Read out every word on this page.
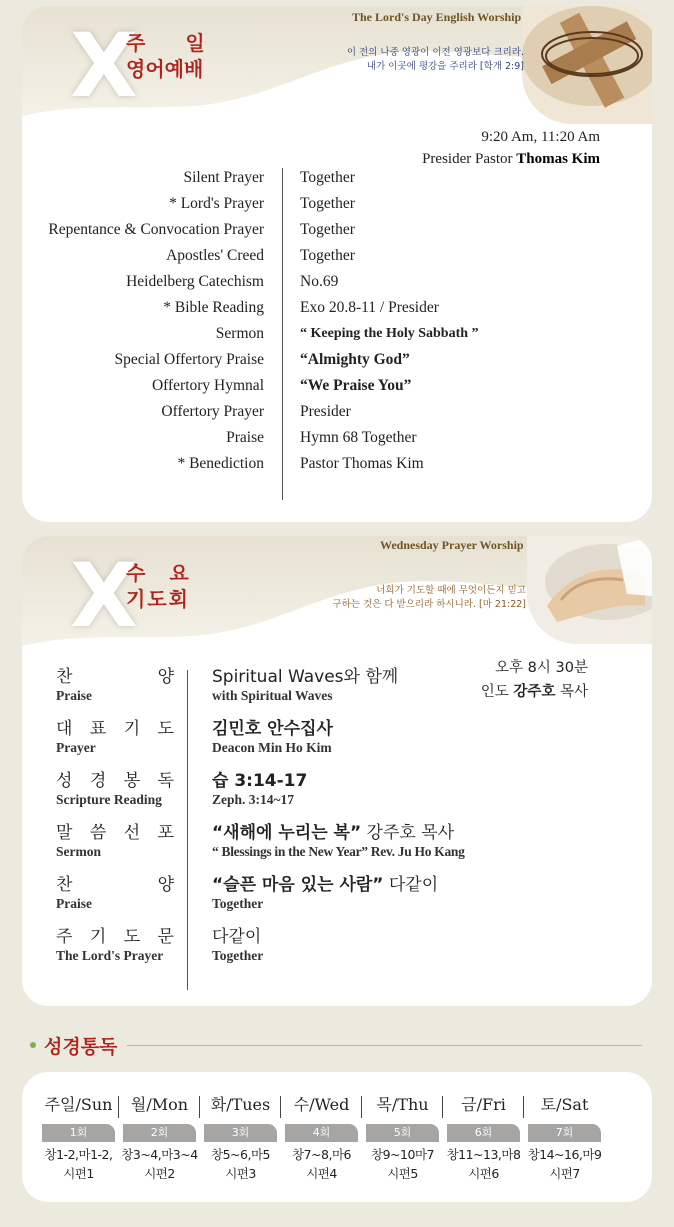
X
주　　일
영어예배
The Lord's Day English Worship
이 전의 나중 영광이 이전 영광보다 크리라.
내가 이곳에 평강을 주리라 [학개 2:9]
9:20 Am, 11:20 Am
Presider Pastor Thomas Kim
Silent Prayer
* Lord's Prayer
Repentance & Convocation Prayer
Apostles' Creed
Heidelberg Catechism
* Bible Reading
Sermon
Special Offertory Praise
Offertory Hymnal
Offertory Prayer
Praise
* Benediction
Together
Together
Together
Together
No.69
Exo 20.8-11 / Presider
“ Keeping the Holy Sabbath ”
“Almighty God”
“We Praise You”
Presider
Hymn 68 Together
Pastor Thomas Kim
X
수　요
기도회
Wednesday Prayer Worship
너희가 기도할 때에 무엇이든지 믿고
구하는 것은 다 받으리라 하시니라. [마 21:22]
오후 8시 30분
인도 강주호 목사
찬	양
Praise
대 표 기 도
Prayer
성 경 봉 독
Scripture Reading
말 씀 선 포
Sermon
찬	양
Praise
주 기 도 문
The Lord's Prayer
Spiritual Waves와 함께
with Spiritual Waves
김민호 안수집사
Deacon Min Ho Kim
습 3:14-17
Zeph. 3:14~17
“새해에 누리는 복” 강주호 목사
“ Blessings in the New Year” Rev. Ju Ho Kang
“슬픈 마음 있는 사람” 다같이
Together
다같이
Together
성경통독
주일/Sun
1회
창1-2,마1-2,
시편1
월/Mon
2회
창3~4,마3~4
시편2
화/Tues
3회
창5~6,마5
시편3
수/Wed
4회
창7~8,마6
시편4
목/Thu
5회
창9~10마7
시편5
금/Fri
6회
창11~13,마8
시편6
토/Sat
7회
창14~16,마9
시편7
